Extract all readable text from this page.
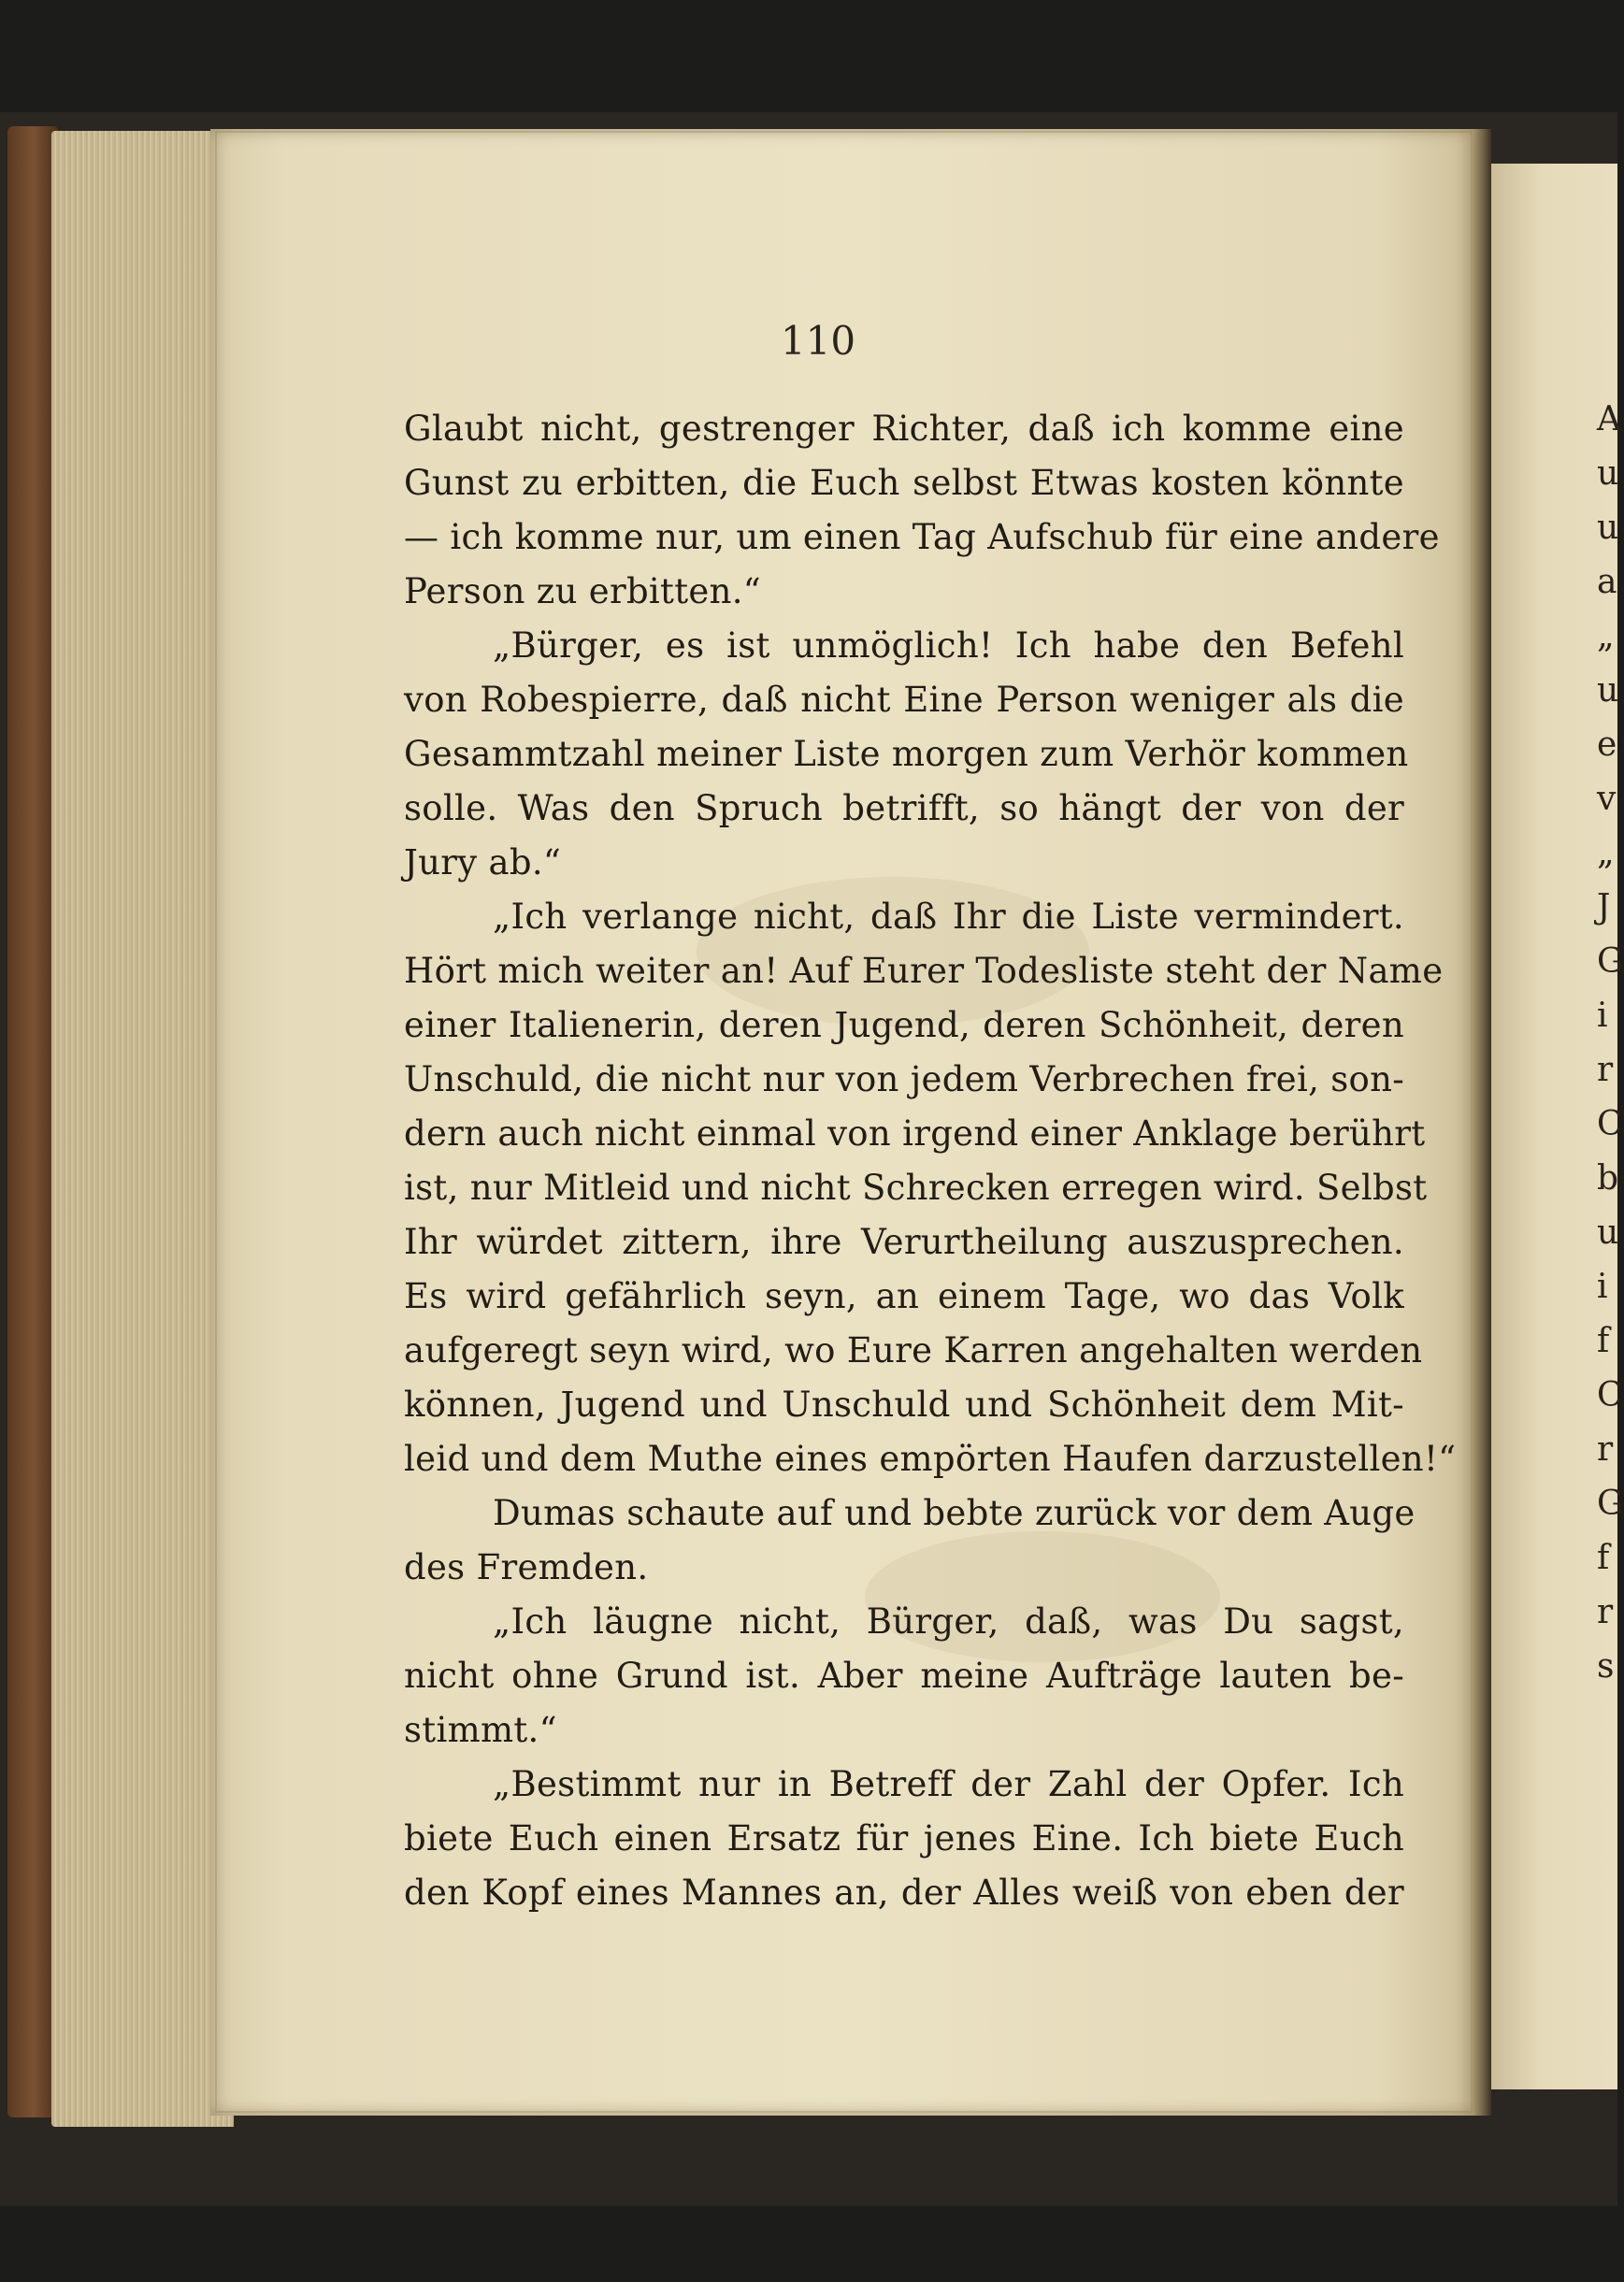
A
u
u
a
„
u
e
v
„
J
G
i
r
C
b
u
i
f
C
r
G
f
r
s
110
Glaubt nicht, gestrenger Richter, daß ich komme eine
Gunst zu erbitten, die Euch selbst Etwas kosten könnte
— ich komme nur, um einen Tag Aufschub für eine andere
Person zu erbitten.“
„Bürger, es ist unmöglich! Ich habe den Befehl
von Robespierre, daß nicht Eine Person weniger als die
Gesammtzahl meiner Liste morgen zum Verhör kommen
solle. Was den Spruch betrifft, so hängt der von der
Jury ab.“
„Ich verlange nicht, daß Ihr die Liste vermindert.
Hört mich weiter an! Auf Eurer Todesliste steht der Name
einer Italienerin, deren Jugend, deren Schönheit, deren
Unschuld, die nicht nur von jedem Verbrechen frei, son-
dern auch nicht einmal von irgend einer Anklage berührt
ist, nur Mitleid und nicht Schrecken erregen wird. Selbst
Ihr würdet zittern, ihre Verurtheilung auszusprechen.
Es wird gefährlich seyn, an einem Tage, wo das Volk
aufgeregt seyn wird, wo Eure Karren angehalten werden
können, Jugend und Unschuld und Schönheit dem Mit-
leid und dem Muthe eines empörten Haufen darzustellen!“
Dumas schaute auf und bebte zurück vor dem Auge
des Fremden.
„Ich läugne nicht, Bürger, daß, was Du sagst,
nicht ohne Grund ist. Aber meine Aufträge lauten be-
stimmt.“
„Bestimmt nur in Betreff der Zahl der Opfer. Ich
biete Euch einen Ersatz für jenes Eine. Ich biete Euch
den Kopf eines Mannes an, der Alles weiß von eben der
